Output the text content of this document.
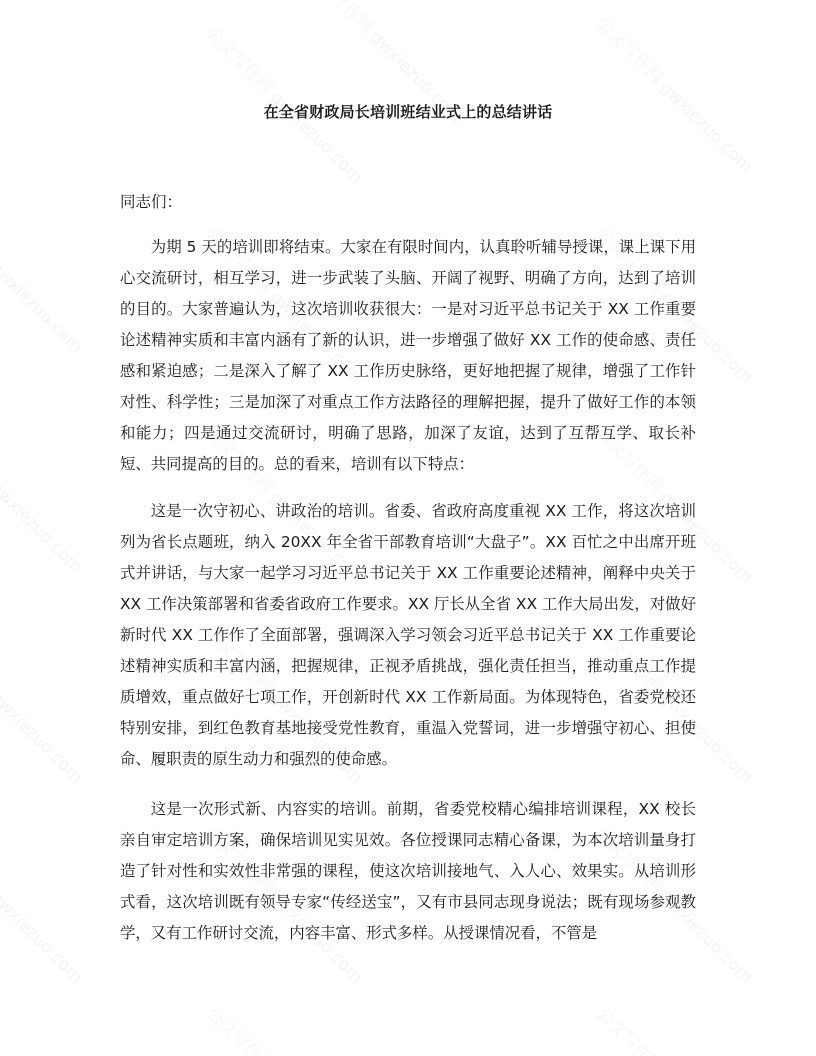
在全省财政局长培训班结业式上的总结讲话

同志们：

为期 5 天的培训即将结束。大家在有限时间内，认真聆听辅导授课，课上课下用心交流研讨，相互学习，进一步武装了头脑、开阔了视野、明确了方向，达到了培训的目的。大家普遍认为，这次培训收获很大：一是对习近平总书记关于 XX 工作重要论述精神实质和丰富内涵有了新的认识，进一步增强了做好 XX 工作的使命感、责任感和紧迫感；二是深入了解了 XX 工作历史脉络，更好地把握了规律，增强了工作针对性、科学性；三是加深了对重点工作方法路径的理解把握，提升了做好工作的本领和能力；四是通过交流研讨，明确了思路，加深了友谊，达到了互帮互学、取长补短、共同提高的目的。总的看来，培训有以下特点：

这是一次守初心、讲政治的培训。省委、省政府高度重视 XX 工作，将这次培训列为省长点题班，纳入 20XX 年全省干部教育培训“大盘子”。XX 百忙之中出席开班式并讲话，与大家一起学习习近平总书记关于 XX 工作重要论述精神，阐释中央关于 XX 工作决策部署和省委省政府工作要求。XX 厅长从全省 XX 工作大局出发，对做好新时代 XX 工作作了全面部署，强调深入学习领会习近平总书记关于 XX 工作重要论述精神实质和丰富内涵，把握规律，正视矛盾挑战，强化责任担当，推动重点工作提质增效，重点做好七项工作，开创新时代 XX 工作新局面。为体现特色，省委党校还特别安排，到红色教育基地接受党性教育，重温入党誓词，进一步增强守初心、担使命、履职责的原生动力和强烈的使命感。

这是一次形式新、内容实的培训。前期，省委党校精心编排培训课程，XX 校长亲自审定培训方案，确保培训见实见效。各位授课同志精心备课，为本次培训量身打造了针对性和实效性非常强的课程，使这次培训接地气、入人心、效果实。从培训形式看，这次培训既有领导专家“传经送宝”，又有市县同志现身说法；既有现场参观教学，又有工作研讨交流，内容丰富、形式多样。从授课情况看，不管是
